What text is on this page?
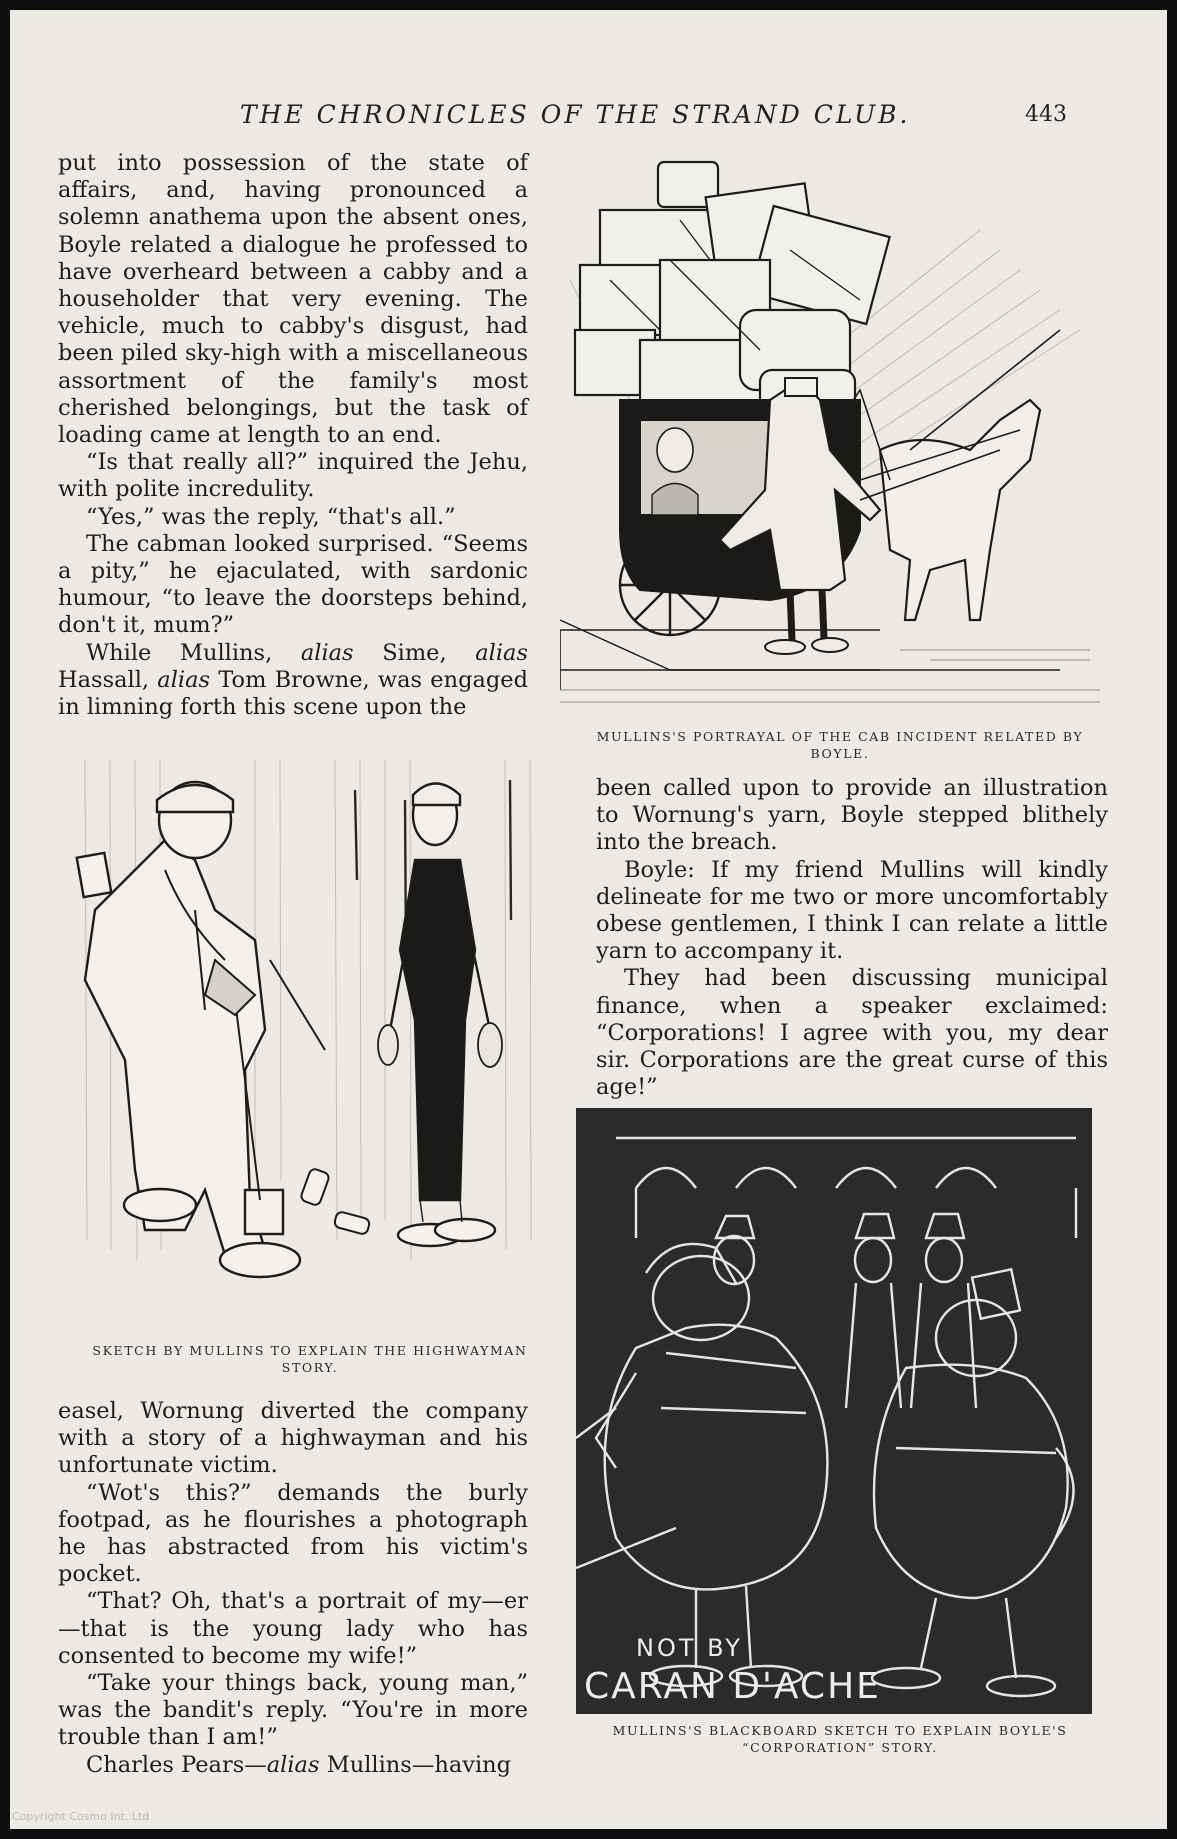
THE CHRONICLES OF THE STRAND CLUB.	443

put into possession of the state of affairs, and, having pronounced a solemn anathema upon the absent ones, Boyle related a dialogue he professed to have overheard between a cabby and a householder that very evening. The vehicle, much to cabby's disgust, had been piled sky-high with a miscellaneous assortment of the family's most cherished belongings, but the task of loading came at length to an end.

“Is that really all?” inquired the Jehu, with polite incredulity.

“Yes,” was the reply, “that's all.”

The cabman looked surprised. “Seems a pity,” he ejaculated, with sardonic humour, “to leave the doorsteps behind, don't it, mum?”

While Mullins, alias Sime, alias Hassall, alias Tom Browne, was engaged in limning forth this scene upon the

MULLINS'S PORTRAYAL OF THE CAB INCIDENT RELATED BY BOYLE.
SKETCH BY MULLINS TO EXPLAIN THE HIGHWAYMAN STORY.

easel, Wornung diverted the company with a story of a highwayman and his unfortunate victim.

“Wot's this?” demands the burly footpad, as he flourishes a photograph he has abstracted from his victim's pocket.

“That? Oh, that's a portrait of my—er—that is the young lady who has consented to become my wife!”

“Take your things back, young man,” was the bandit's reply. “You're in more trouble than I am!”

Charles Pears—alias Mullins—having

been called upon to provide an illustration to Wornung's yarn, Boyle stepped blithely into the breach.

Boyle: If my friend Mullins will kindly delineate for me two or more uncomfortably obese gentlemen, I think I can relate a little yarn to accompany it.

They had been discussing municipal finance, when a speaker exclaimed: “Corporations! I agree with you, my dear sir. Corporations are the great curse of this age!”

NOT BY
CARAN D'ACHE
MULLINS'S BLACKBOARD SKETCH TO EXPLAIN BOYLE'S “CORPORATION” STORY.
Copyright Cosmo Int. Ltd
